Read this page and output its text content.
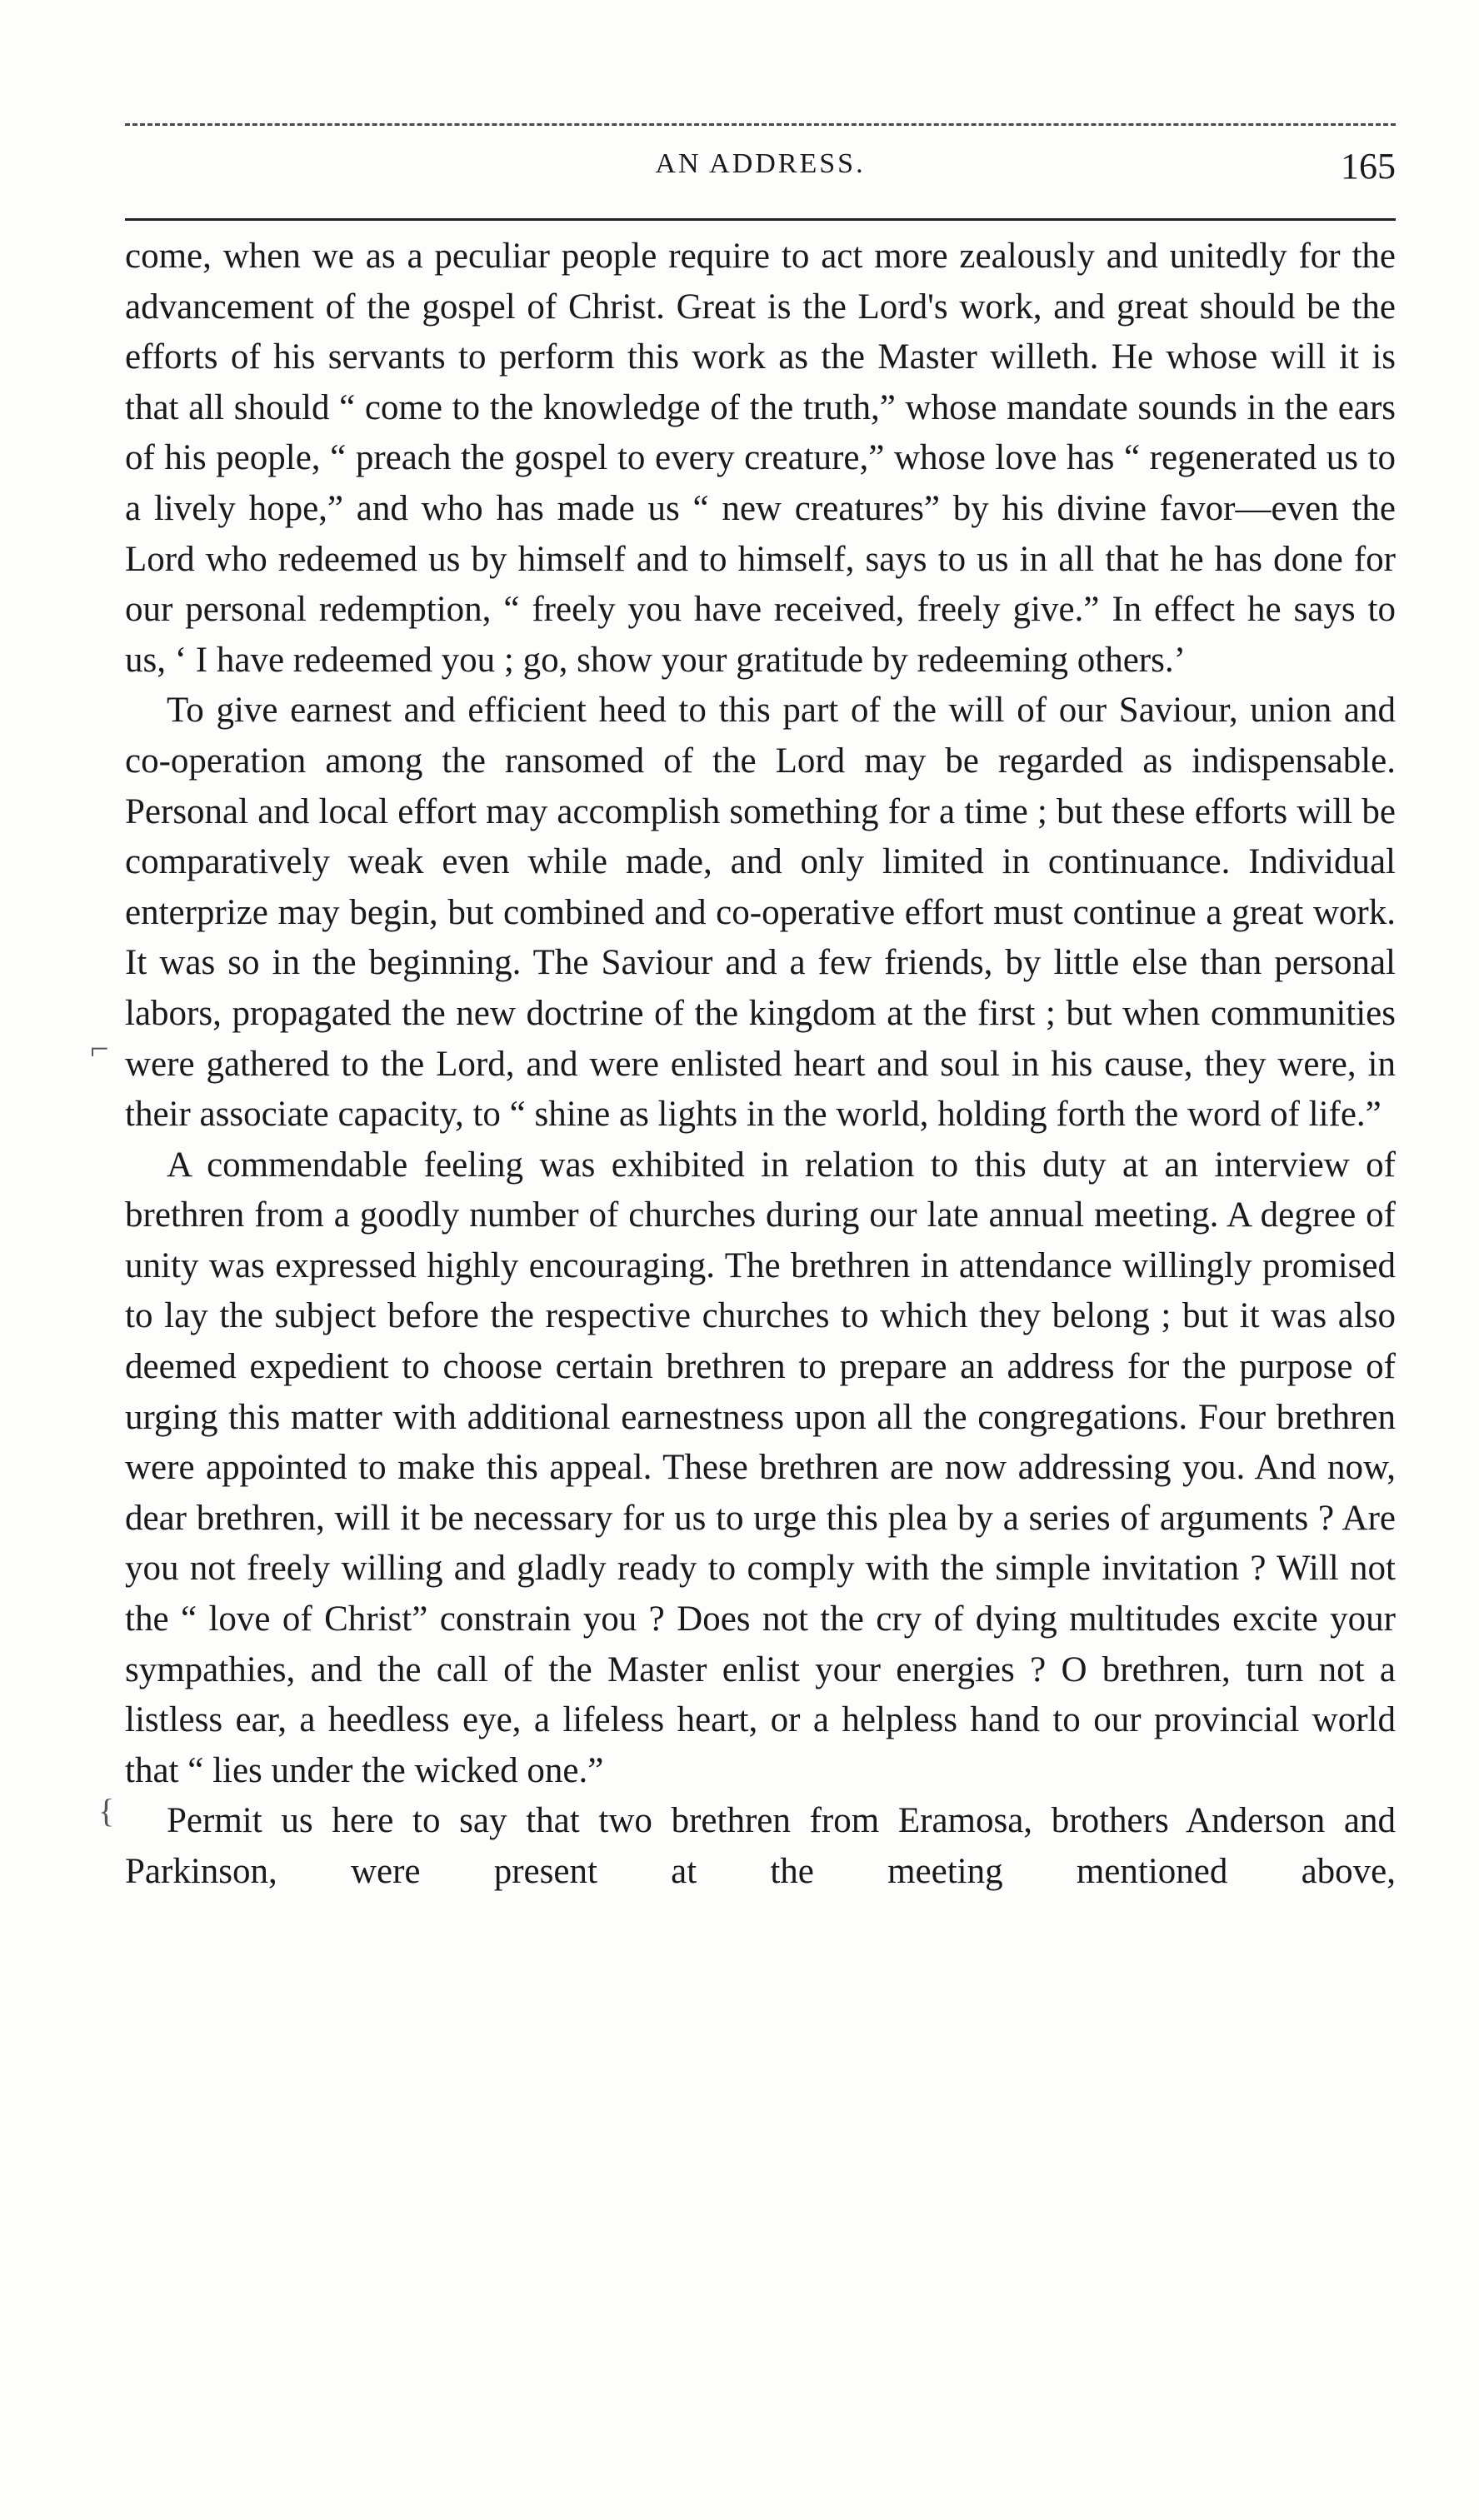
AN ADDRESS.	165

come, when we as a peculiar people require to act more zealously and unitedly for the advancement of the gospel of Christ. Great is the Lord's work, and great should be the efforts of his servants to perform this work as the Master willeth. He whose will it is that all should “ come to the knowledge of the truth,” whose mandate sounds in the ears of his people, “ preach the gospel to every creature,” whose love has “ regenerated us to a lively hope,” and who has made us “ new creatures” by his divine favor—even the Lord who redeemed us by himself and to himself, says to us in all that he has done for our personal redemption, “ freely you have received, freely give.” In effect he says to us, ‘ I have redeemed you ; go, show your gratitude by redeeming others.’

To give earnest and efficient heed to this part of the will of our Saviour, union and co-operation among the ransomed of the Lord may be regarded as indispensable. Personal and local effort may accomplish something for a time ; but these efforts will be comparatively weak even while made, and only limited in continuance. Individual enterprize may begin, but combined and co-operative effort must continue a great work. It was so in the beginning. The Saviour and a few friends, by little else than personal labors, propagated the new doctrine of the kingdom at the first ; but when communities were gathered to the Lord, and were enlisted heart and soul in his cause, they were, in their associate capacity, to “ shine as lights in the world, holding forth the word of life.”

A commendable feeling was exhibited in relation to this duty at an interview of brethren from a goodly number of churches during our late annual meeting. A degree of unity was expressed highly encouraging. The brethren in attendance willingly promised to lay the subject before the respective churches to which they belong ; but it was also deemed expedient to choose certain brethren to prepare an address for the purpose of urging this matter with additional earnestness upon all the congregations. Four brethren were appointed to make this appeal. These brethren are now addressing you. And now, dear brethren, will it be necessary for us to urge this plea by a series of arguments ? Are you not freely willing and gladly ready to comply with the simple invitation ? Will not the “ love of Christ” constrain you ? Does not the cry of dying multitudes excite your sympathies, and the call of the Master enlist your energies ? O brethren, turn not a listless ear, a heedless eye, a lifeless heart, or a helpless hand to our provincial world that “ lies under the wicked one.”

Permit us here to say that two brethren from Eramosa, brothers Anderson and Parkinson, were present at the meeting mentioned above,

⌐
{
